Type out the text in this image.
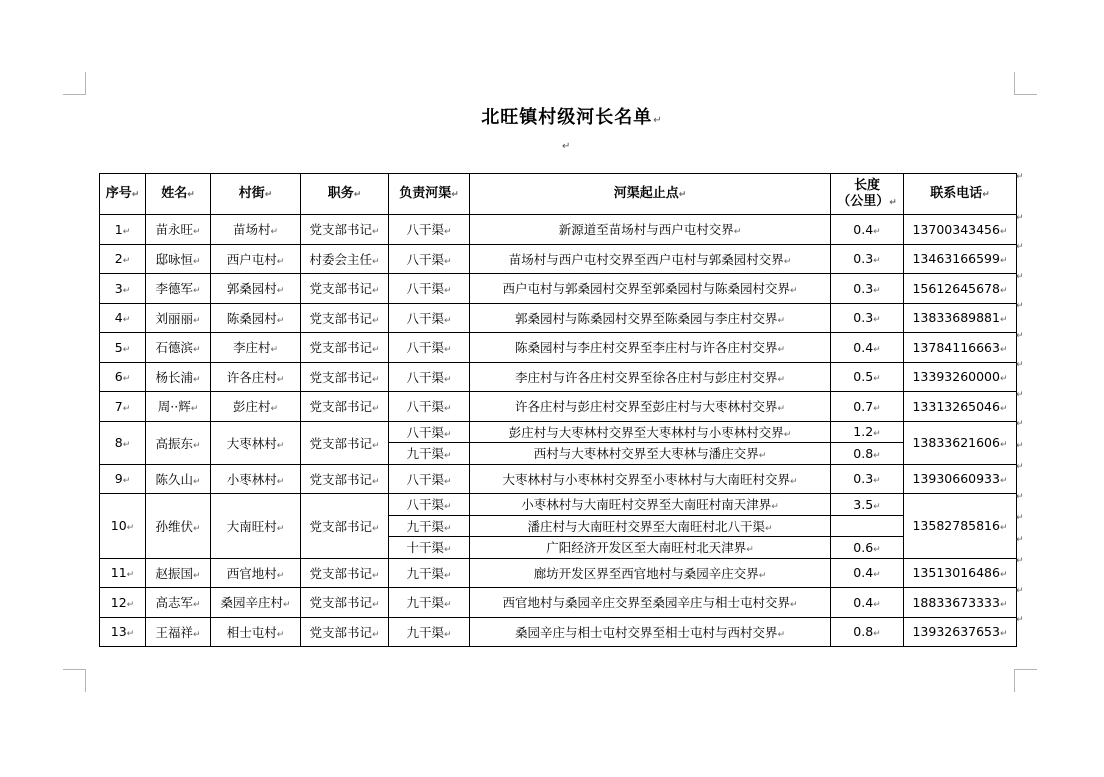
北旺镇村级河长名单↵
↵
序号↵	姓名↵	村街↵	职务↵	负责河渠↵	河渠起止点↵	长度
（公里）↵	联系电话↵
1↵	苗永旺↵	苗场村↵	党支部书记↵	八干渠↵	新源道至苗场村与西户屯村交界↵	0.4↵	13700343456↵
2↵	邸咏恒↵	西户屯村↵	村委会主任↵	八干渠↵	苗场村与西户屯村交界至西户屯村与郭桑园村交界↵	0.3↵	13463166599↵
3↵	李德军↵	郭桑园村↵	党支部书记↵	八干渠↵	西户屯村与郭桑园村交界至郭桑园村与陈桑园村交界↵	0.3↵	15612645678↵
4↵	刘丽丽↵	陈桑园村↵	党支部书记↵	八干渠↵	郭桑园村与陈桑园村交界至陈桑园与李庄村交界↵	0.3↵	13833689881↵
5↵	石德滨↵	李庄村↵	党支部书记↵	八干渠↵	陈桑园村与李庄村交界至李庄村与许各庄村交界↵	0.4↵	13784116663↵
6↵	杨长浦↵	许各庄村↵	党支部书记↵	八干渠↵	李庄村与许各庄村交界至徐各庄村与彭庄村交界↵	0.5↵	13393260000↵
7↵	周··辉↵	彭庄村↵	党支部书记↵	八干渠↵	许各庄村与彭庄村交界至彭庄村与大枣林村交界↵	0.7↵	13313265046↵
8↵	高振东↵	大枣林村↵	党支部书记↵	八干渠↵	彭庄村与大枣林村交界至大枣林村与小枣林村交界↵	1.2↵	13833621606↵
				九干渠↵	西村与大枣林村交界至大枣林与潘庄交界↵	0.8↵	
9↵	陈久山↵	小枣林村↵	党支部书记↵	八干渠↵	大枣林村与小枣林村交界至小枣林村与大南旺村交界↵	0.3↵	13930660933↵
10↵	孙维伏↵	大南旺村↵	党支部书记↵	八干渠↵	小枣林村与大南旺村交界至大南旺村南天津界↵	3.5↵	13582785816↵
				九干渠↵	潘庄村与大南旺村交界至大南旺村北八干渠↵		
				十干渠↵	广阳经济开发区至大南旺村北天津界↵	0.6↵	
11↵	赵振国↵	西官地村↵	党支部书记↵	九干渠↵	廊坊开发区界至西官地村与桑园辛庄交界↵	0.4↵	13513016486↵
12↵	高志军↵	桑园辛庄村↵	党支部书记↵	九干渠↵	西官地村与桑园辛庄交界至桑园辛庄与相士屯村交界↵	0.4↵	18833673333↵
13↵	王福祥↵	相士屯村↵	党支部书记↵	九干渠↵	桑园辛庄与相士屯村交界至相士屯村与西村交界↵	0.8↵	13932637653↵
↵
↵
↵
↵
↵
↵
↵
↵
↵
↵
↵
↵
↵
↵
↵
↵
↵
